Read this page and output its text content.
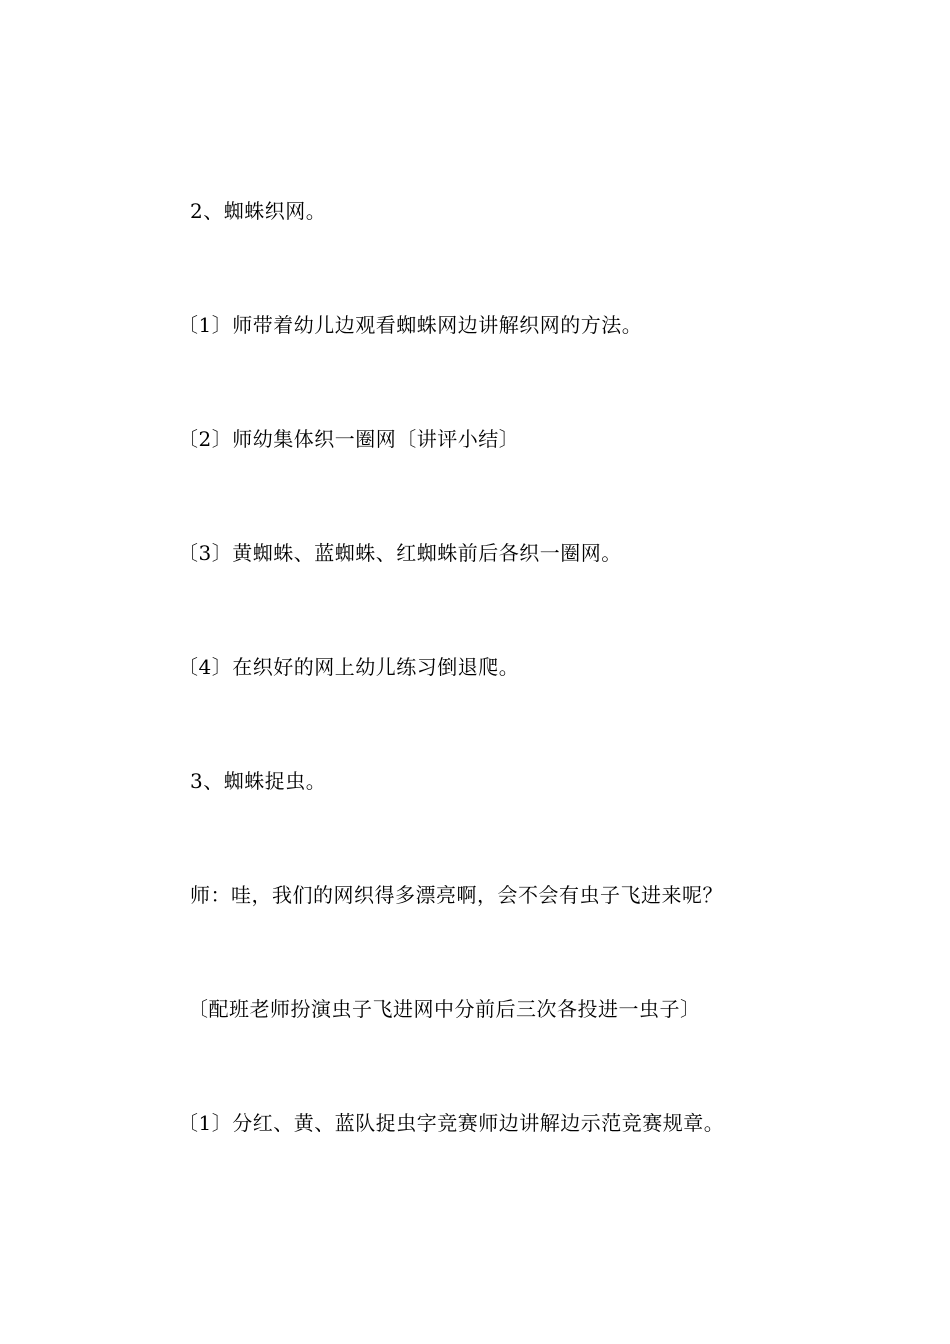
2、蜘蛛织网。
〔1〕师带着幼儿边观看蜘蛛网边讲解织网的方法。
〔2〕师幼集体织一圈网〔讲评小结〕
〔3〕黄蜘蛛、蓝蜘蛛、红蜘蛛前后各织一圈网。
〔4〕在织好的网上幼儿练习倒退爬。
3、蜘蛛捉虫。
师：哇，我们的网织得多漂亮啊，会不会有虫子飞进来呢？
〔配班老师扮演虫子飞进网中分前后三次各投进一虫子〕
〔1〕分红、黄、蓝队捉虫字竞赛师边讲解边示范竞赛规章。
